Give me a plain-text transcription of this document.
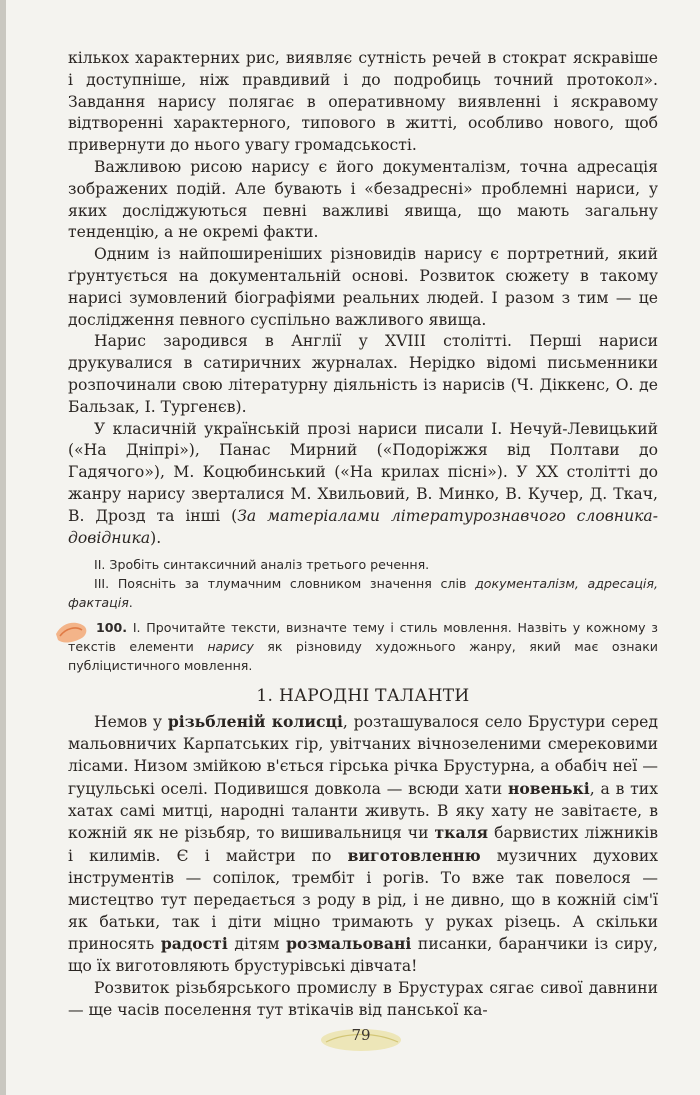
кількох характерних рис, виявляє сутність речей в стократ яскравіше і доступніше, ніж правдивий і до подробиць точний протокол». Завдання нарису полягає в оперативному виявленні і яскравому відтворенні характерного, типового в житті, особливо нового, щоб привернути до нього увагу громадськості.

Важливою рисою нарису є його документалізм, точна адресація зображених подій. Але бувають і «безадресні» проблемні нариси, у яких досліджуються певні важливі явища, що мають загальну тенденцію, а не окремі факти.

Одним із найпоширеніших різновидів нарису є портретний, який ґрунтується на документальній основі. Розвиток сюжету в такому нарисі зумовлений біографіями реальних людей. І разом з тим — це дослідження певного суспільно важливого явища.

Нарис зародився в Англії у XVIII столітті. Перші нариси друкувалися в сатиричних журналах. Нерідко відомі письменники розпочинали свою літературну діяльність із нарисів (Ч. Діккенс, О. де Бальзак, І. Тургенєв).

У класичній українській прозі нариси писали І. Нечуй-Левицький («На Дніпрі»), Панас Мирний («Подоріжжя від Полтави до Гадячого»), М. Коцюбинський («На крилах пісні»). У XX столітті до жанру нарису зверталися М. Хвильовий, В. Минко, В. Кучер, Д. Ткач, В. Дрозд та інші (За матеріалами літературознавчого словника-довідника).

II. Зробіть синтаксичний аналіз третього речення.

III. Поясніть за тлумачним словником значення слів документалізм, адресація, фактація.

100. І. Прочитайте тексти, визначте тему і стиль мовлення. Назвіть у кожному з текстів елементи нарису як різновиду художнього жанру, який має ознаки публіцистичного мовлення.

1. НАРОДНІ ТАЛАНТИ

Немов у різьбленій колисці, розташувалося село Брустури серед мальовничих Карпатських гір, увітчаних вічнозеленими смерековими лісами. Низом змійкою в'ється гірська річка Брустурна, а обабіч неї — гуцульські оселі. Подивишся довкола — всюди хати новенькі, а в тих хатах самі митці, народні таланти живуть. В яку хату не завітаєте, в кожній як не різьбяр, то вишивальниця чи ткаля барвистих ліжників і килимів. Є і майстри по виготовленню музичних духових інструментів — сопілок, трембіт і рогів. То вже так повелося — мистецтво тут передається з роду в рід, і не дивно, що в кожній сім'ї як батьки, так і діти міцно тримають у руках різець. А скільки приносять радості дітям розмальовані писанки, баранчики із сиру, що їх виготовляють брустурівські дівчата!

Розвиток різьбярського промислу в Брустурах сягає сивої давнини — ще часів поселення тут втікачів від панської ка-

79
